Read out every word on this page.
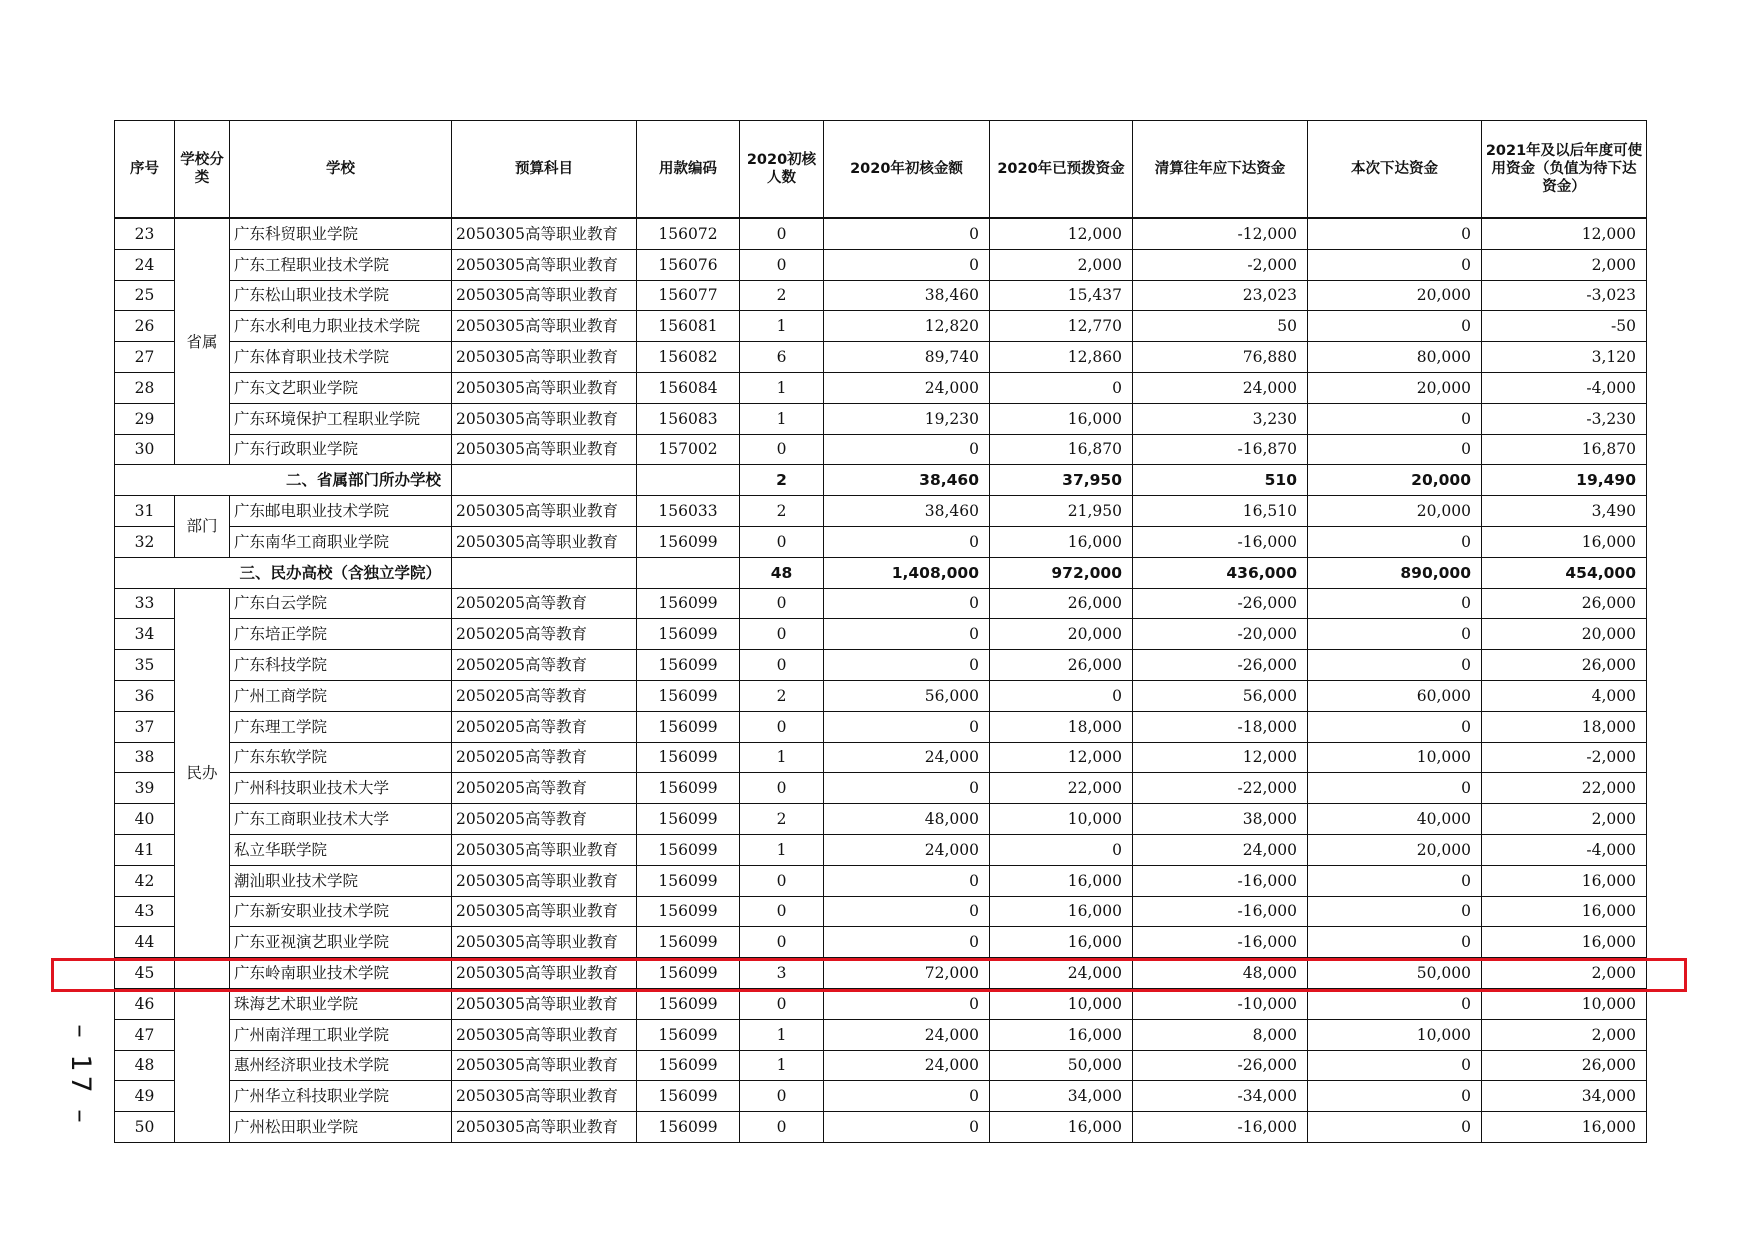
序号	学校分类	学校	预算科目	用款编码	2020初核人数	2020年初核金额	2020年已预拨资金	清算往年应下达资金	本次下达资金	2021年及以后年度可使用资金（负值为待下达资金）
23	省属	广东科贸职业学院	2050305高等职业教育	156072	0	0	12,000	-12,000	0	12,000
24		广东工程职业技术学院	2050305高等职业教育	156076	0	0	2,000	-2,000	0	2,000
25		广东松山职业技术学院	2050305高等职业教育	156077	2	38,460	15,437	23,023	20,000	-3,023
26		广东水利电力职业技术学院	2050305高等职业教育	156081	1	12,820	12,770	50	0	-50
27		广东体育职业技术学院	2050305高等职业教育	156082	6	89,740	12,860	76,880	80,000	3,120
28		广东文艺职业学院	2050305高等职业教育	156084	1	24,000	0	24,000	20,000	-4,000
29		广东环境保护工程职业学院	2050305高等职业教育	156083	1	19,230	16,000	3,230	0	-3,230
30		广东行政职业学院	2050305高等职业教育	157002	0	0	16,870	-16,870	0	16,870
二、省属部门所办学校					2	38,460	37,950	510	20,000	19,490
31	部门	广东邮电职业技术学院	2050305高等职业教育	156033	2	38,460	21,950	16,510	20,000	3,490
32		广东南华工商职业学院	2050305高等职业教育	156099	0	0	16,000	-16,000	0	16,000
三、民办高校（含独立学院）					48	1,408,000	972,000	436,000	890,000	454,000
33	民办	广东白云学院	2050205高等教育	156099	0	0	26,000	-26,000	0	26,000
34		广东培正学院	2050205高等教育	156099	0	0	20,000	-20,000	0	20,000
35		广东科技学院	2050205高等教育	156099	0	0	26,000	-26,000	0	26,000
36		广州工商学院	2050205高等教育	156099	2	56,000	0	56,000	60,000	4,000
37		广东理工学院	2050205高等教育	156099	0	0	18,000	-18,000	0	18,000
38		广东东软学院	2050205高等教育	156099	1	24,000	12,000	12,000	10,000	-2,000
39		广州科技职业技术大学	2050205高等教育	156099	0	0	22,000	-22,000	0	22,000
40		广东工商职业技术大学	2050205高等教育	156099	2	48,000	10,000	38,000	40,000	2,000
41		私立华联学院	2050305高等职业教育	156099	1	24,000	0	24,000	20,000	-4,000
42		潮汕职业技术学院	2050305高等职业教育	156099	0	0	16,000	-16,000	0	16,000
43		广东新安职业技术学院	2050305高等职业教育	156099	0	0	16,000	-16,000	0	16,000
44		广东亚视演艺职业学院	2050305高等职业教育	156099	0	0	16,000	-16,000	0	16,000
45		广东岭南职业技术学院	2050305高等职业教育	156099	3	72,000	24,000	48,000	50,000	2,000
46		珠海艺术职业学院	2050305高等职业教育	156099	0	0	10,000	-10,000	0	10,000
47		广州南洋理工职业学院	2050305高等职业教育	156099	1	24,000	16,000	8,000	10,000	2,000
48		惠州经济职业技术学院	2050305高等职业教育	156099	1	24,000	50,000	-26,000	0	26,000
49		广州华立科技职业学院	2050305高等职业教育	156099	0	0	34,000	-34,000	0	34,000
50		广州松田职业学院	2050305高等职业教育	156099	0	0	16,000	-16,000	0	16,000
– 17 –
